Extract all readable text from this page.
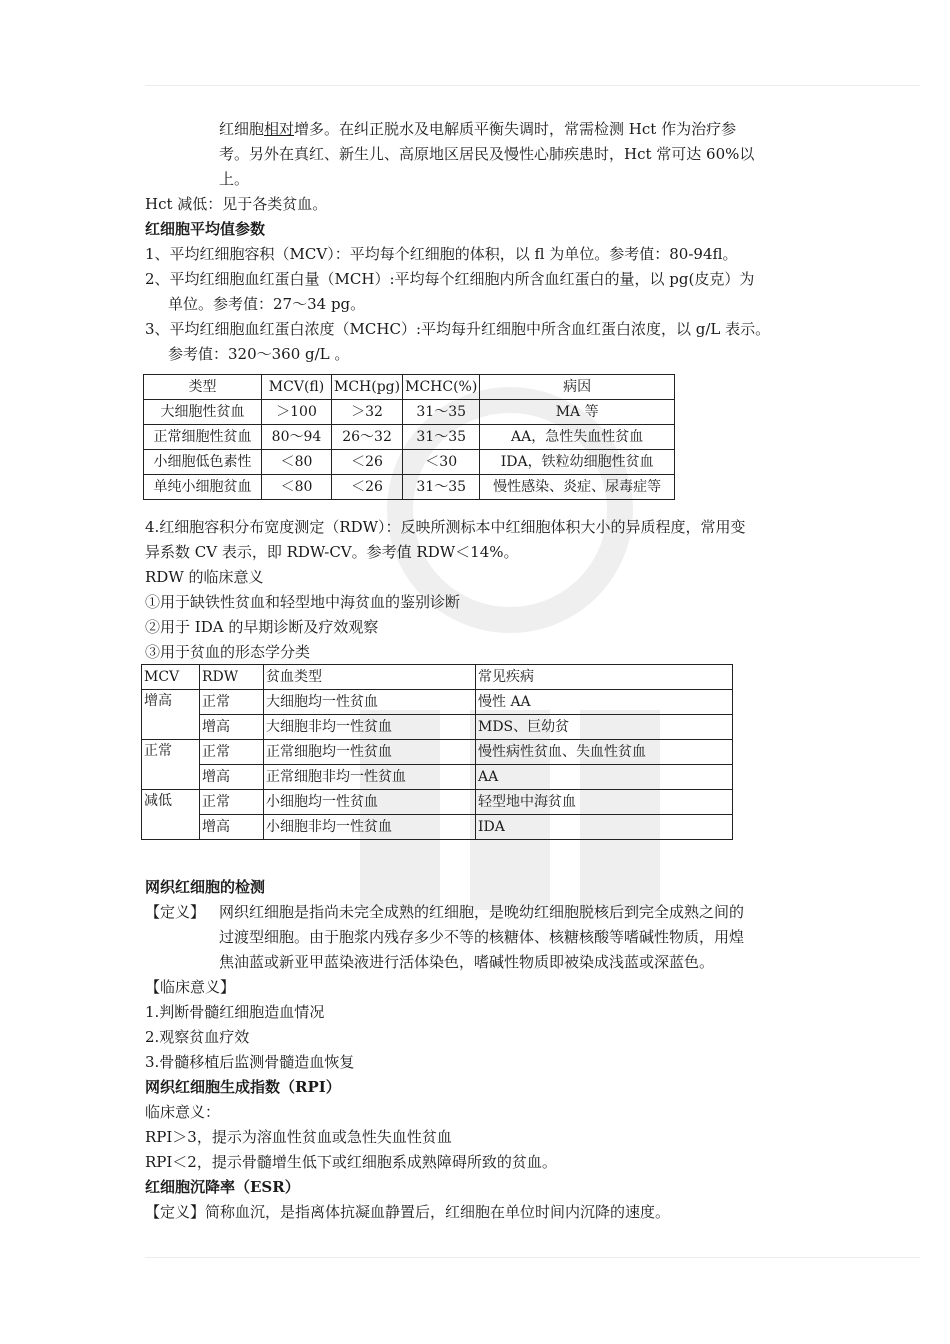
红细胞相对增多。在纠正脱水及电解质平衡失调时，常需检测 Hct 作为治疗参
考。另外在真红、新生儿、高原地区居民及慢性心肺疾患时，Hct 常可达 60%以
上。
Hct 减低：见于各类贫血。
红细胞平均值参数
1、平均红细胞容积（MCV）：平均每个红细胞的体积，以 fl 为单位。参考值：80-94fl。
2、平均红细胞血红蛋白量（MCH）:平均每个红细胞内所含血红蛋白的量，以 pg(皮克）为
单位。参考值：27～34 pg。
3、平均红细胞血红蛋白浓度（MCHC）:平均每升红细胞中所含血红蛋白浓度，以 g/L 表示。
参考值：320～360 g/L 。
类型	MCV(fl)	MCH(pg)	MCHC(%)	病因
大细胞性贫血	＞100	＞32	31～35	MA 等
正常细胞性贫血	80～94	26～32	31～35	AA，急性失血性贫血
小细胞低色素性	＜80	＜26	＜30	IDA，铁粒幼细胞性贫血
单纯小细胞贫血	＜80	＜26	31～35	慢性感染、炎症、尿毒症等
4.红细胞容积分布宽度测定（RDW）：反映所测标本中红细胞体积大小的异质程度，常用变
异系数 CV 表示，即 RDW-CV。参考值 RDW＜14%。
RDW 的临床意义
①用于缺铁性贫血和轻型地中海贫血的鉴别诊断
②用于 IDA 的早期诊断及疗效观察
③用于贫血的形态学分类
MCV	RDW	贫血类型	常见疾病
增高	正常	大细胞均一性贫血	慢性 AA
	增高	大细胞非均一性贫血	MDS、巨幼贫
正常	正常	正常细胞均一性贫血	慢性病性贫血、失血性贫血
	增高	正常细胞非均一性贫血	AA
减低	正常	小细胞均一性贫血	轻型地中海贫血
	增高	小细胞非均一性贫血	IDA
网织红细胞的检测
【定义】 网织红细胞是指尚未完全成熟的红细胞，是晚幼红细胞脱核后到完全成熟之间的
过渡型细胞。由于胞浆内残存多少不等的核糖体、核糖核酸等嗜碱性物质，用煌
焦油蓝或新亚甲蓝染液进行活体染色，嗜碱性物质即被染成浅蓝或深蓝色。
【临床意义】
1.判断骨髓红细胞造血情况
2.观察贫血疗效
3.骨髓移植后监测骨髓造血恢复
网织红细胞生成指数（RPI）
临床意义：
RPI＞3，提示为溶血性贫血或急性失血性贫血
RPI＜2，提示骨髓增生低下或红细胞系成熟障碍所致的贫血。
红细胞沉降率（ESR）
【定义】简称血沉，是指离体抗凝血静置后，红细胞在单位时间内沉降的速度。
